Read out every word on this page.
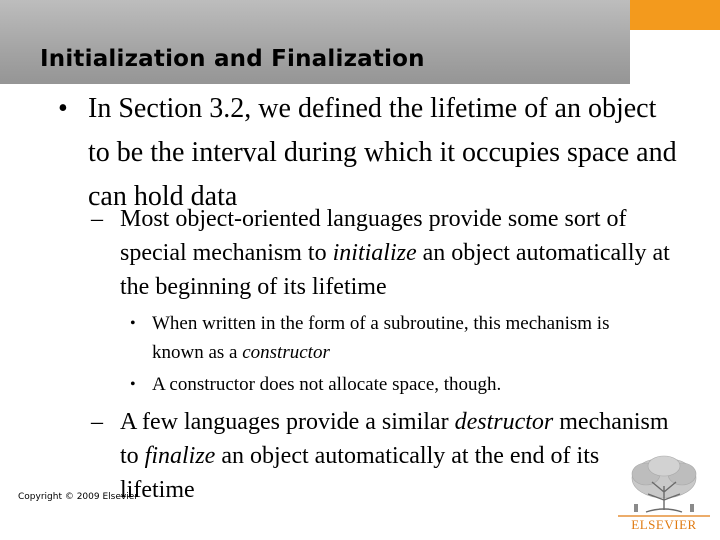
Initialization and Finalization
• In Section 3.2, we defined the lifetime of an object to be the interval during which it occupies space and can hold data
– Most object-oriented languages provide some sort of special mechanism to initialize an object automatically at the beginning of its lifetime
• When written in the form of a subroutine, this mechanism is known as a constructor
• A constructor does not allocate space, though.
– A few languages provide a similar destructor mechanism to finalize an object automatically at the end of its lifetime
Copyright © 2009 Elsevier
ELSEVIER
